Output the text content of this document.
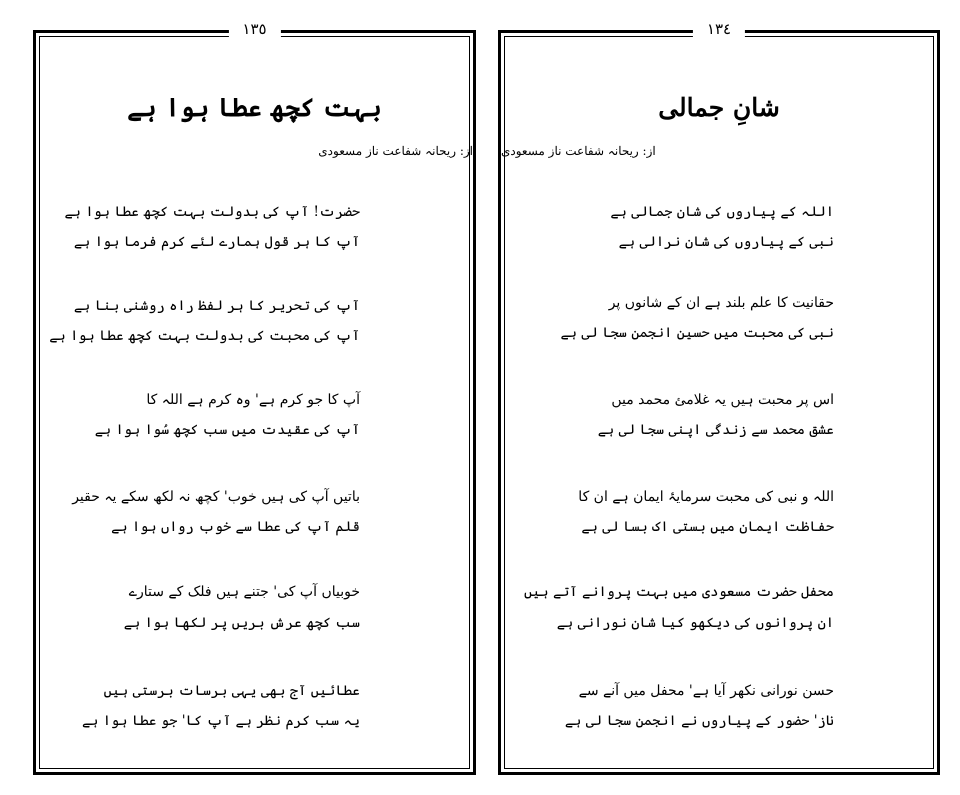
١٣٥
بہت کچھ عطا ہوا ہے
از: ریحانہ شفاعت ناز مسعودی
حضرت! آپ کی بدولت بہت کچھ عطا ہوا ہے
آپ کا ہر قول ہمارے لئے کرم فرما ہوا ہے
آپ کی تحریر کا ہر لفظ راہ روشنی بنا ہے
آپ کی محبت کی بدولت بہت کچھ عطا ہوا ہے
آپ کا جو کرم ہے' وہ کرم ہے اللہ کا
آپ کی عقیدت میں سب کچھ سُوا ہوا ہے
باتیں آپ کی ہیں خوب' کچھ نہ لکھ سکے یہ حقیر
قلم آپ کی عطا سے خوب رواں ہوا ہے
خوبیاں آپ کی' جتنے ہیں فلک کے ستارے
سب کچھ عرش بریں پر لکھا ہوا ہے
عطائیں آج بھی یہی برسات برستی ہیں
یہ سب کرم نظر ہے آپ کا' جو عطا ہوا ہے
١٣٤
شانِ جمالی
از: ریحانہ شفاعت ناز مسعودی
اللہ کے پیاروں کی شان جمالی ہے
نبی کے پیاروں کی شان نرالی ہے
حقانیت کا علم بلند ہے ان کے شانوں پر
نبی کی محبت میں حسین انجمن سجا لی ہے
اس پر محبت ہیں یہ غلامئ محمد میں
عشق محمد سے زندگی اپنی سجا لی ہے
اللہ و نبی کی محبت سرمایۂ ایمان ہے ان کا
حفاظت ایمان میں بستی اک بسا لی ہے
محفل حضرت مسعودی میں بہت پروانے آتے ہیں
ان پروانوں کی دیکھو کیا شان نورانی ہے
حسن نورانی نکھر آیا ہے' محفل میں آنے سے
ناز' حضور کے پیاروں نے انجمن سجا لی ہے
